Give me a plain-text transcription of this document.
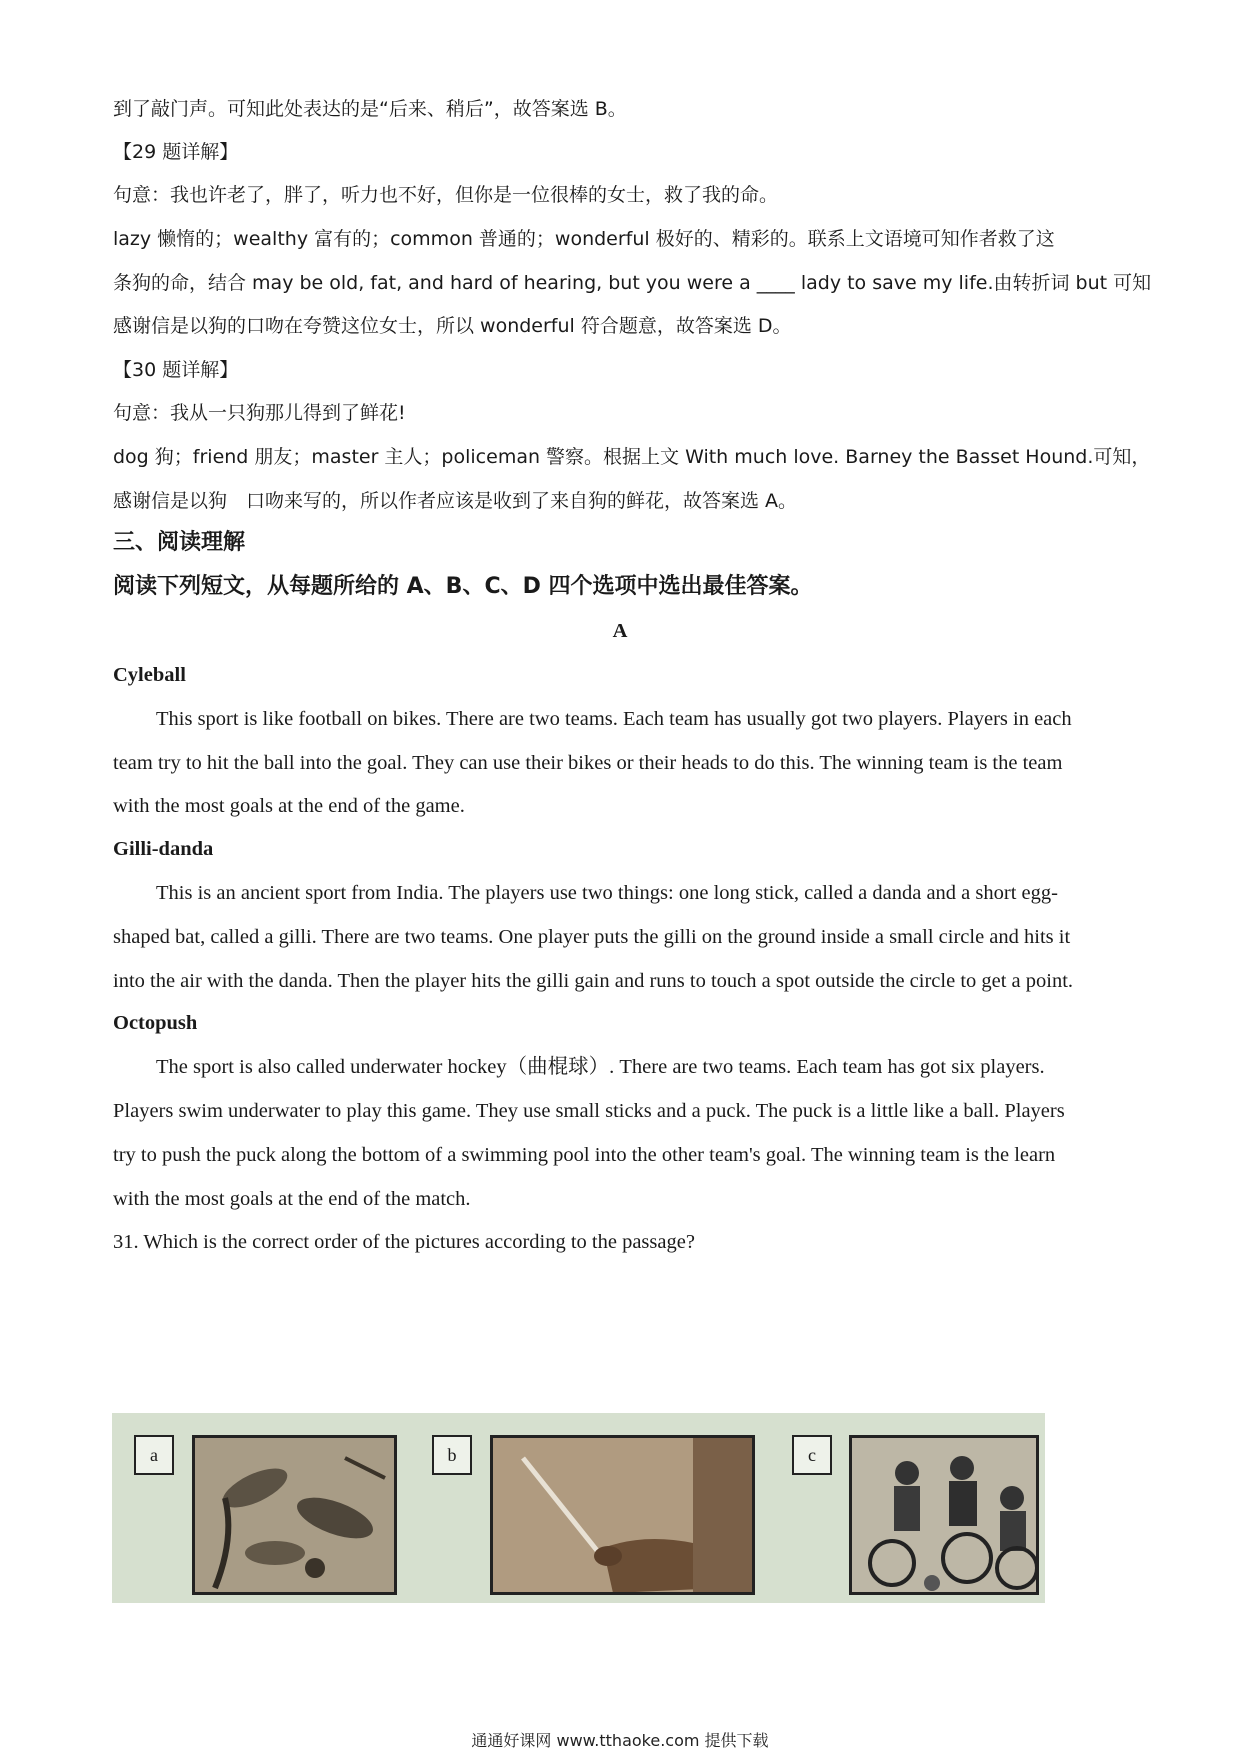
到了敲门声。可知此处表达的是“后来、稍后”，故答案选 B。
【29 题详解】
句意：我也许老了，胖了，听力也不好，但你是一位很棒的女士，救了我的命。
lazy 懒惰的；wealthy 富有的；common 普通的；wonderful 极好的、精彩的。联系上文语境可知作者救了这
条狗的命，结合 may be old, fat, and hard of hearing, but you were a ____ lady to save my life.由转折词 but 可知
感谢信是以狗的口吻在夸赞这位女士，所以 wonderful 符合题意，故答案选 D。
【30 题详解】
句意：我从一只狗那儿得到了鲜花!
dog 狗；friend 朋友；master 主人；policeman 警察。根据上文 With much love. Barney the Basset Hound.可知，
感谢信是以狗　口吻来写的，所以作者应该是收到了来自狗的鲜花，故答案选 A。
三、阅读理解
阅读下列短文，从每题所给的 A、B、C、D 四个选项中选出最佳答案。
A
Cyleball
This sport is like football on bikes. There are two teams. Each team has usually got two players. Players in each
team try to hit the ball into the goal. They can use their bikes or their heads to do this. The winning team is the team
with the most goals at the end of the game.
Gilli-danda
This is an ancient sport from India. The players use two things: one long stick, called a danda and a short egg-
shaped bat, called a gilli. There are two teams. One player puts the gilli on the ground inside a small circle and hits it
into the air with the danda. Then the player hits the gilli gain and runs to touch a spot outside the circle to get a point.
Octopush
The sport is also called underwater hockey（曲棍球）. There are two teams. Each team has got six players.
Players swim underwater to play this game. They use small sticks and a puck. The puck is a little like a ball. Players
try to push the puck along the bottom of a swimming pool into the other team's goal. The winning team is the learn
with the most goals at the end of the match.
31. Which is the correct order of the pictures according to the passage?
a	b	c
通通好课网 www.tthaoke.com 提供下载
